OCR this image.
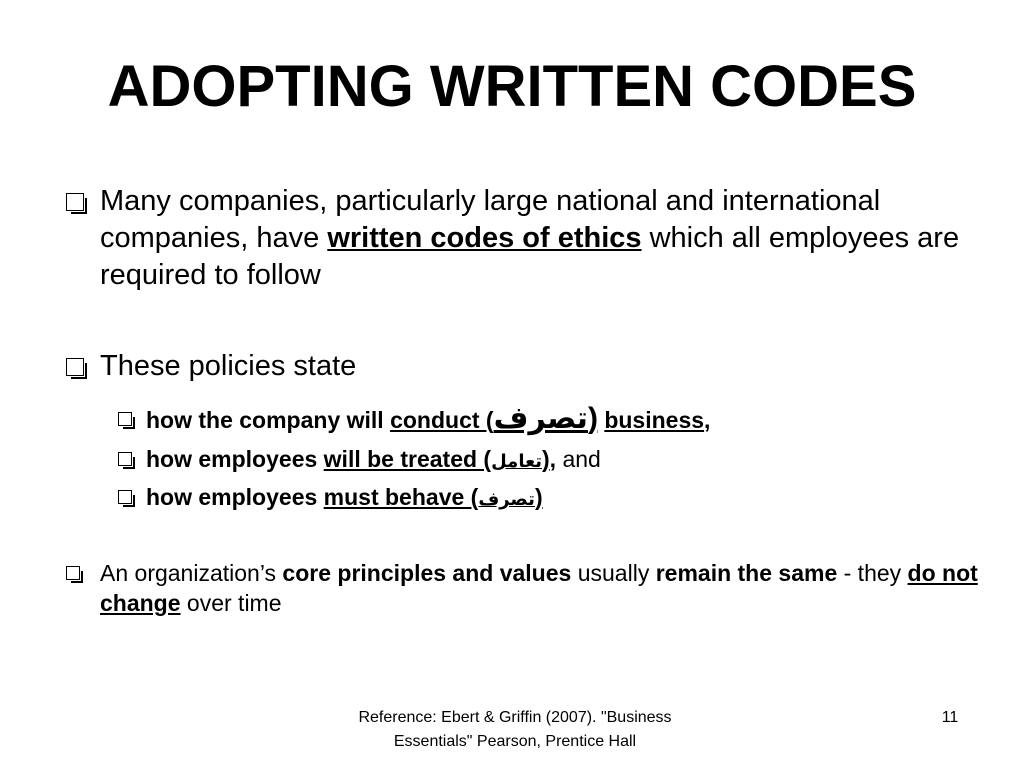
ADOPTING WRITTEN CODES
Many companies, particularly large national and international companies, have written codes of ethics which all employees are required to follow
These policies state
how the company will conduct (تصرف) business,
how employees will be treated (تعامل), and
how employees must behave (تصرف)
An organization’s core principles and values usually remain the same - they do not change over time
Reference: Ebert & Griffin (2007). "Business Essentials" Pearson, Prentice Hall
11
